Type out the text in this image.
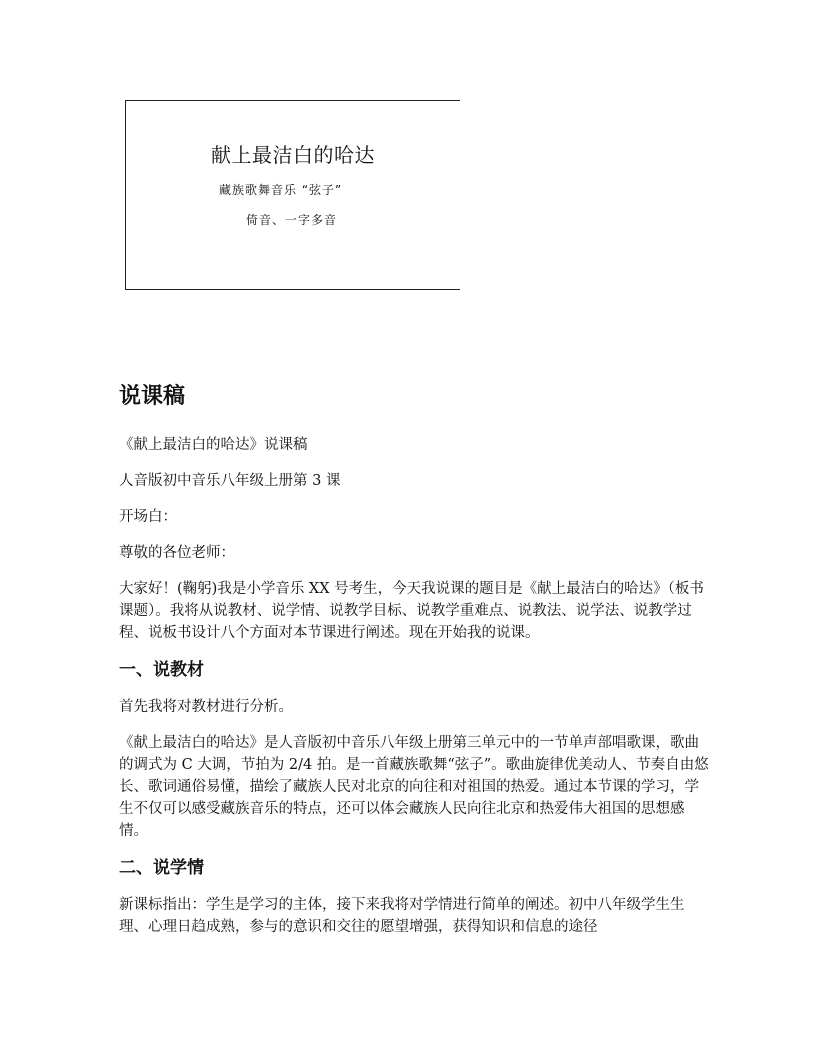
献上最洁白的哈达
藏族歌舞音乐 “弦子”
倚音、一字多音
说课稿

《献上最洁白的哈达》说课稿

人音版初中音乐八年级上册第 3 课

开场白：

尊敬的各位老师：

大家好！(鞠躬)我是小学音乐 XX 号考生，今天我说课的题目是《献上最洁白的哈达》（板书课题）。我将从说教材、说学情、说教学目标、说教学重难点、说教法、说学法、说教学过程、说板书设计八个方面对本节课进行阐述。现在开始我的说课。

一、说教材

首先我将对教材进行分析。

《献上最洁白的哈达》是人音版初中音乐八年级上册第三单元中的一节单声部唱歌课，歌曲的调式为 C 大调，节拍为 2/4 拍。是一首藏族歌舞“弦子”。歌曲旋律优美动人、节奏自由悠长、歌词通俗易懂，描绘了藏族人民对北京的向往和对祖国的热爱。通过本节课的学习，学生不仅可以感受藏族音乐的特点，还可以体会藏族人民向往北京和热爱伟大祖国的思想感情。

二、说学情

新课标指出：学生是学习的主体，接下来我将对学情进行简单的阐述。初中八年级学生生理、心理日趋成熟，参与的意识和交往的愿望增强，获得知识和信息的途径
